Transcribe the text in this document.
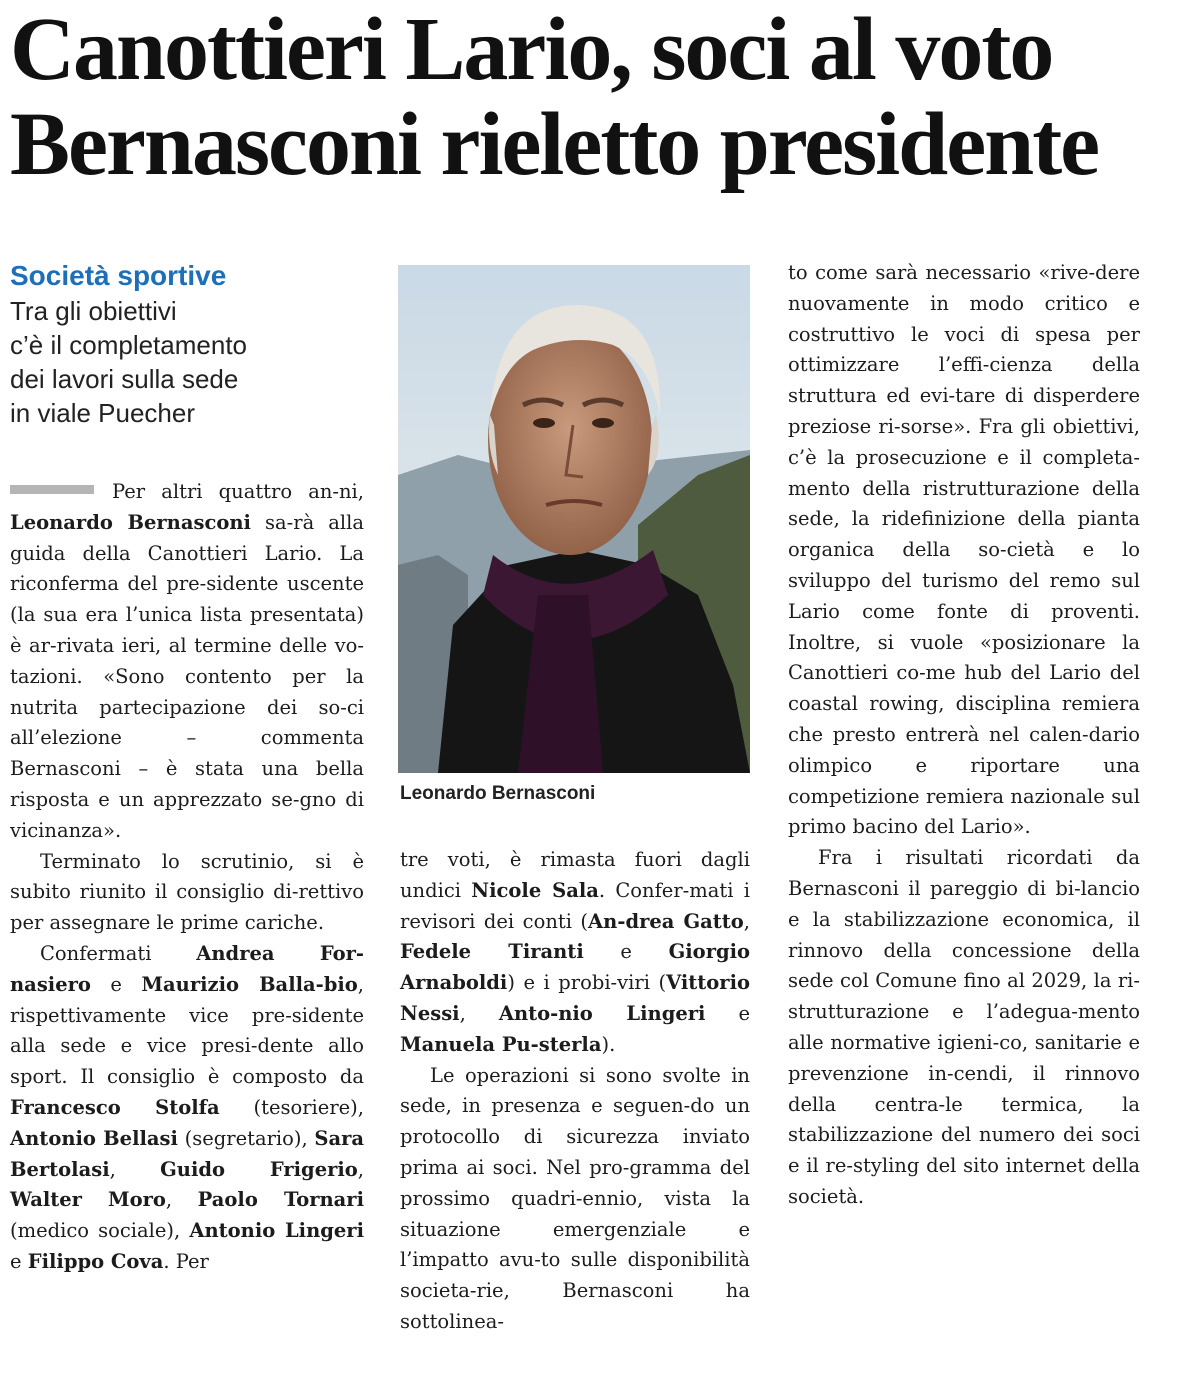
Canottieri Lario, soci al voto
Bernasconi rieletto presidente
Società sportive
Tra gli obiettivi
c’è il completamento
dei lavori sulla sede
in viale Puecher

Per altri quattro an-ni, Leonardo Bernasconi sa-rà alla guida della Canottieri Lario. La riconferma del pre-sidente uscente (la sua era l’unica lista presentata) è ar-rivata ieri, al termine delle vo-tazioni. «Sono contento per la nutrita partecipazione dei so-ci all’elezione – commenta Bernasconi – è stata una bella risposta e un apprezzato se-gno di vicinanza».

Terminato lo scrutinio, si è subito riunito il consiglio di-rettivo per assegnare le prime cariche.

Confermati Andrea For-nasiero e Maurizio Balla-bio, rispettivamente vice pre-sidente alla sede e vice presi-dente allo sport. Il consiglio è composto da Francesco Stolfa (tesoriere), Antonio Bellasi (segretario), Sara Bertolasi, Guido Frigerio, Walter Moro, Paolo Tornari (medico sociale), Antonio Lingeri e Filippo Cova. Per

Leonardo Bernasconi

tre voti, è rimasta fuori dagli undici Nicole Sala. Confer-mati i revisori dei conti (An-drea Gatto, Fedele Tiranti e Giorgio Arnaboldi) e i probi-viri (Vittorio Nessi, Anto-nio Lingeri e Manuela Pu-sterla).

Le operazioni si sono svolte in sede, in presenza e seguen-do un protocollo di sicurezza inviato prima ai soci. Nel pro-gramma del prossimo quadri-ennio, vista la situazione emergenziale e l’impatto avu-to sulle disponibilità societa-rie, Bernasconi ha sottolinea-

to come sarà necessario «rive-dere nuovamente in modo critico e costruttivo le voci di spesa per ottimizzare l’effi-cienza della struttura ed evi-tare di disperdere preziose ri-sorse». Fra gli obiettivi, c’è la prosecuzione e il completa-mento della ristrutturazione della sede, la ridefinizione della pianta organica della so-cietà e lo sviluppo del turismo del remo sul Lario come fonte di proventi. Inoltre, si vuole «posizionare la Canottieri co-me hub del Lario del coastal rowing, disciplina remiera che presto entrerà nel calen-dario olimpico e riportare una competizione remiera nazionale sul primo bacino del Lario».

Fra i risultati ricordati da Bernasconi il pareggio di bi-lancio e la stabilizzazione economica, il rinnovo della concessione della sede col Comune fino al 2029, la ri-strutturazione e l’adegua-mento alle normative igieni-co, sanitarie e prevenzione in-cendi, il rinnovo della centra-le termica, la stabilizzazione del numero dei soci e il re-styling del sito internet della società.
